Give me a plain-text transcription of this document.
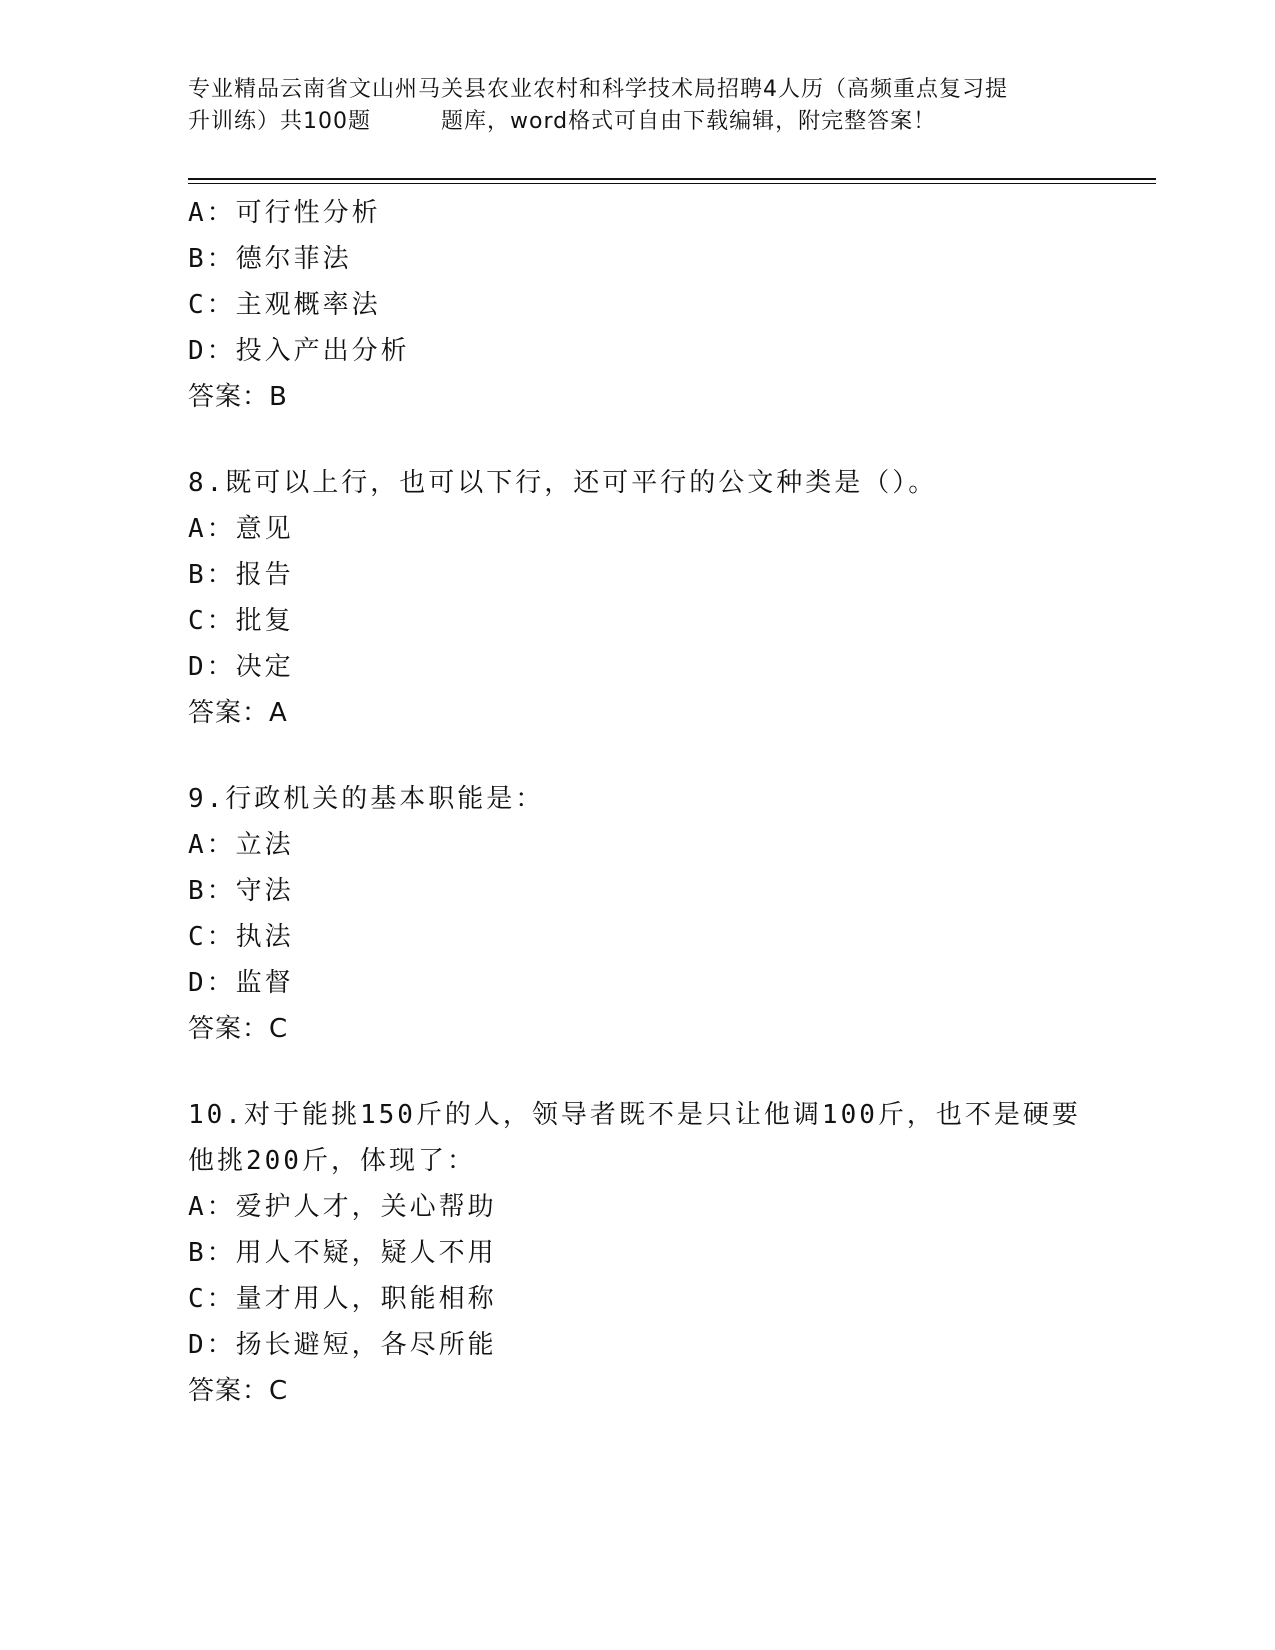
专业精品云南省文山州马关县农业农村和科学技术局招聘4人历（高频重点复习提
升训练）共100题	题库，word格式可自由下载编辑，附完整答案！
A：可行性分析
B：德尔菲法
C：主观概率法
D：投入产出分析
答案：B
8.既可以上行，也可以下行，还可平行的公文种类是（）。
A：意见
B：报告
C：批复
D：决定
答案：A
9.行政机关的基本职能是：
A：立法
B：守法
C：执法
D：监督
答案：C
10.对于能挑150斤的人，领导者既不是只让他调100斤，也不是硬要
他挑200斤，体现了：
A：爱护人才，关心帮助
B：用人不疑，疑人不用
C：量才用人，职能相称
D：扬长避短，各尽所能
答案：C
